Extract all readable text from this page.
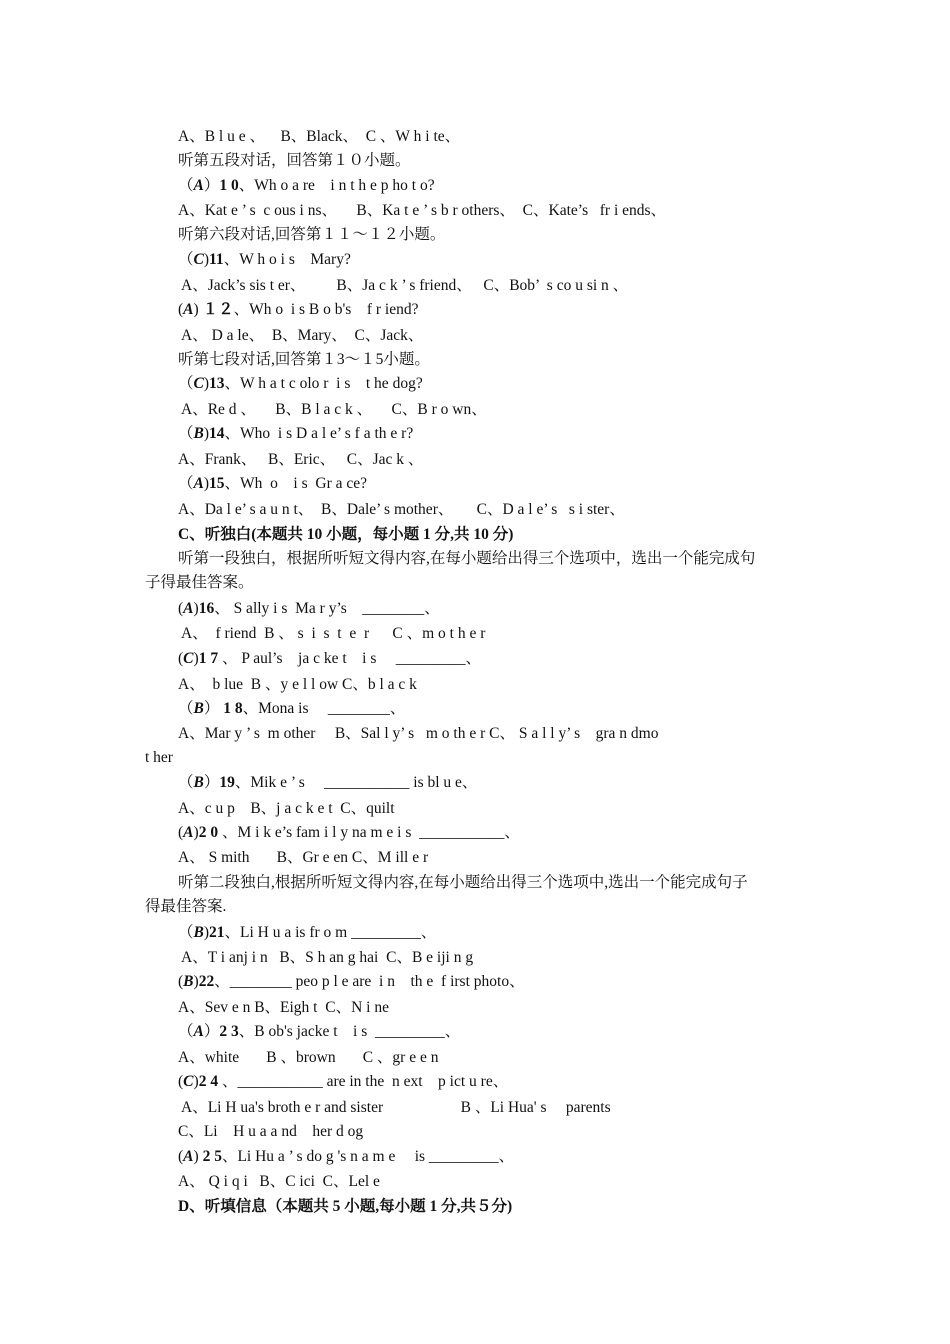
A、B l u e 、    B、Black、  C 、W h i te、
听第五段对话，回答第１０小题。
（A）1 0、Wh o a re    i n t h e p ho t o?
A、Kat e ’ s  c ous i ns、     B、Ka t e ’ s b r others、  C、Kate’s   fr i ends、
听第六段对话,回答第１１～１２小题。
（C)11、W h o i s    Mary?
A、Jack’s sis t er、        B、Ja c k ’ s friend、   C、Bob’  s co u si n 、
(A) １２、Wh o  i s B o b's    f r iend?
A、 D a le、  B、Mary、  C、Jack、
听第七段对话,回答第１3～１5小题。
（C)13、W h a t c olo r  i s    t he dog?
A、Re d 、     B、B l a c k 、     C、B r o wn、
（B)14、Who  i s D a l e’ s f a th e r?
A、Frank、   B、Eric、   C、Jac k 、
（A)15、Wh  o    i s  Gr a ce?
A、Da l e’ s a u n t、  B、Dale’ s mother、      C、D a l e’ s   s i ster、
C、听独白(本题共 10 小题，每小题 1 分,共 10 分)
听第一段独白，根据所听短文得内容,在每小题给出得三个选项中，选出一个能完成句
子得最佳答案。
(A)16、 S ally i s  Ma r y’s    ________、
A、  f riend  B 、 s  i  s  t  e  r      C 、m o t h e r
(C)1 7 、 P aul’s    ja c ke t    i s     _________、
A、  b lue  B 、y e l l ow C、b l a c k
（B） 1 8、Mona is     ________、
A、Mar y ’ s  m other     B、Sal l y’ s   m o th e r C、 S a l l y’ s    gra n dmo
t her
（B）19、Mik e ’ s     ___________ is bl u e、
A、c u p    B、j a c k e t  C、quilt
(A)2 0 、M i k e’s fam i l y na m e i s  ___________、
A、 S mith       B、Gr e en C、M ill e r
听第二段独白,根据所听短文得内容,在每小题给出得三个选项中,选出一个能完成句子
得最佳答案.
（B)21、Li H u a is fr o m _________、
A、T i anj i n   B、S h an g hai  C、B e iji n g
(B)22、________ peo p l e are  i n    th e  f irst photo、
A、Sev e n B、Eigh t  C、N i ne
（A）2 3、B ob's jacke t    i s  _________、
A、white       B 、brown       C 、gr e e n
(C)2 4 、___________ are in the  n ext    p ict u re、
A、Li H ua's broth e r and sister                    B 、Li Hua' s     parents
C、Li    H u a a nd    her d og
(A) 2 5、Li Hu a ’ s do g 's n a m e     is _________、
A、 Q i q i   B、C ici  C、Lel e
D、听填信息（本题共 5 小题,每小题 1 分,共５分)
